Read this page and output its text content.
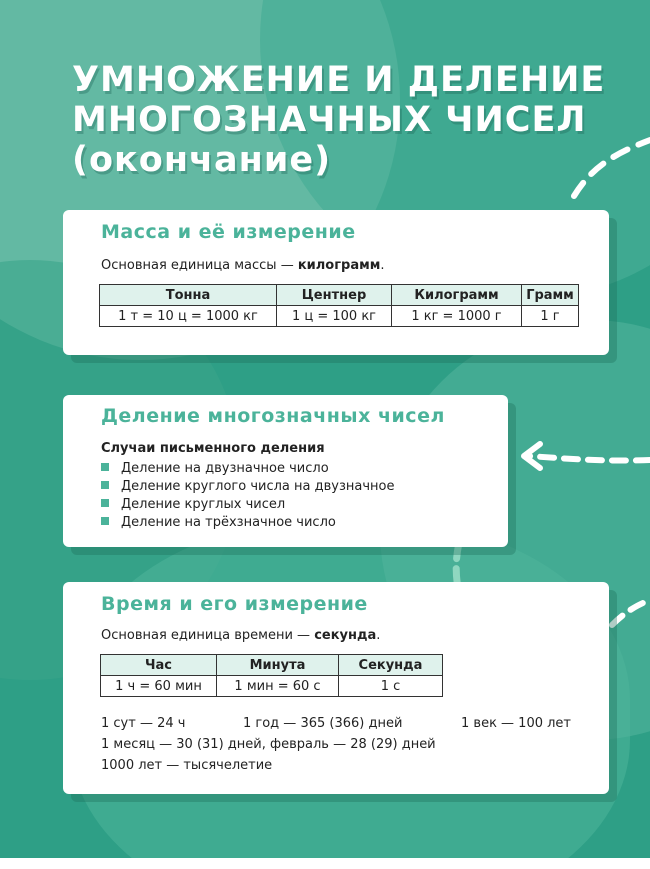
УМНОЖЕНИЕ И ДЕЛЕНИЕ МНОГОЗНАЧНЫХ ЧИСЕЛ (окончание)
Масса и её измерение

Основная единица массы — килограмм.

Тонна	Центнер	Килограмм	Грамм
1 т = 10 ц = 1000 кг	1 ц = 100 кг	1 кг = 1000 г	1 г
Деление многозначных чисел

Случаи письменного деления

Деление на двузначное число
Деление круглого числа на двузначное
Деление круглых чисел
Деление на трёхзначное число
Время и его измерение

Основная единица времени — секунда.

Час	Минута	Секунда
1 ч = 60 мин	1 мин = 60 с	1 с

1 сут — 24 ч	1 год — 365 (366) дней	1 век — 100 лет

1 месяц — 30 (31) дней, февраль — 28 (29) дней

1000 лет — тысячелетие
